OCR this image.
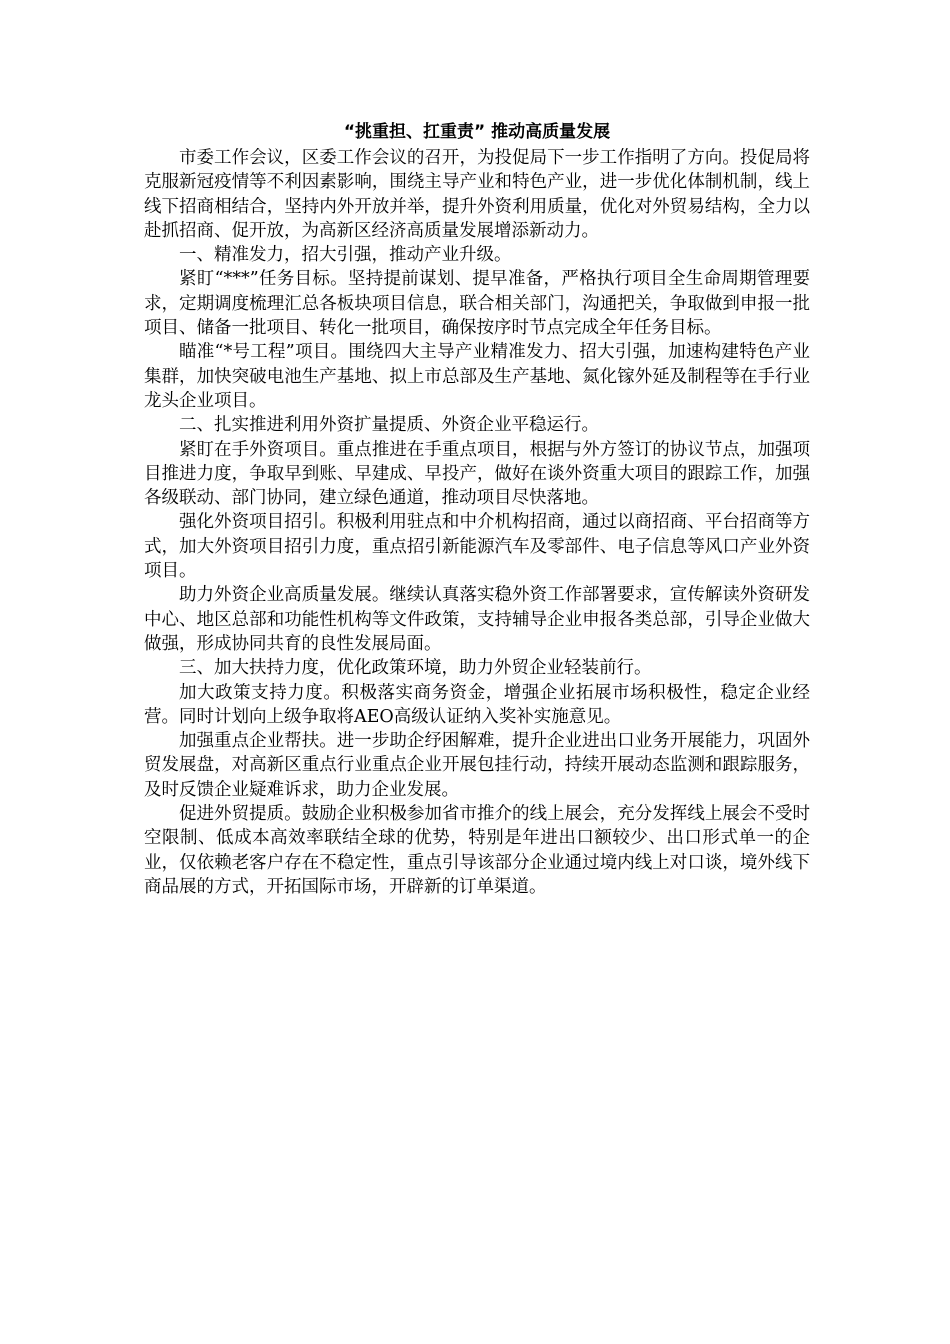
“挑重担、扛重责” 推动高质量发展

市委工作会议，区委工作会议的召开，为投促局下一步工作指明了方向。投促局将克服新冠疫情等不利因素影响，围绕主导产业和特色产业，进一步优化体制机制，线上线下招商相结合，坚持内外开放并举，提升外资利用质量，优化对外贸易结构，全力以赴抓招商、促开放，为高新区经济高质量发展增添新动力。

一、精准发力，招大引强，推动产业升级。

紧盯“***”任务目标。坚持提前谋划、提早准备，严格执行项目全生命周期管理要求，定期调度梳理汇总各板块项目信息，联合相关部门，沟通把关，争取做到申报一批项目、储备一批项目、转化一批项目，确保按序时节点完成全年任务目标。

瞄准“*号工程”项目。围绕四大主导产业精准发力、招大引强，加速构建特色产业集群，加快突破电池生产基地、拟上市总部及生产基地、氮化镓外延及制程等在手行业龙头企业项目。

二、扎实推进利用外资扩量提质、外资企业平稳运行。

紧盯在手外资项目。重点推进在手重点项目，根据与外方签订的协议节点，加强项目推进力度，争取早到账、早建成、早投产，做好在谈外资重大项目的跟踪工作，加强各级联动、部门协同，建立绿色通道，推动项目尽快落地。

强化外资项目招引。积极利用驻点和中介机构招商，通过以商招商、平台招商等方式，加大外资项目招引力度，重点招引新能源汽车及零部件、电子信息等风口产业外资项目。

助力外资企业高质量发展。继续认真落实稳外资工作部署要求，宣传解读外资研发中心、地区总部和功能性机构等文件政策，支持辅导企业申报各类总部，引导企业做大做强，形成协同共育的良性发展局面。

三、加大扶持力度，优化政策环境，助力外贸企业轻装前行。

加大政策支持力度。积极落实商务资金，增强企业拓展市场积极性，稳定企业经营。同时计划向上级争取将AEO高级认证纳入奖补实施意见。

加强重点企业帮扶。进一步助企纾困解难，提升企业进出口业务开展能力，巩固外贸发展盘，对高新区重点行业重点企业开展包挂行动，持续开展动态监测和跟踪服务，及时反馈企业疑难诉求，助力企业发展。

促进外贸提质。鼓励企业积极参加省市推介的线上展会，充分发挥线上展会不受时空限制、低成本高效率联结全球的优势，特别是年进出口额较少、出口形式单一的企业，仅依赖老客户存在不稳定性，重点引导该部分企业通过境内线上对口谈，境外线下商品展的方式，开拓国际市场，开辟新的订单渠道。
